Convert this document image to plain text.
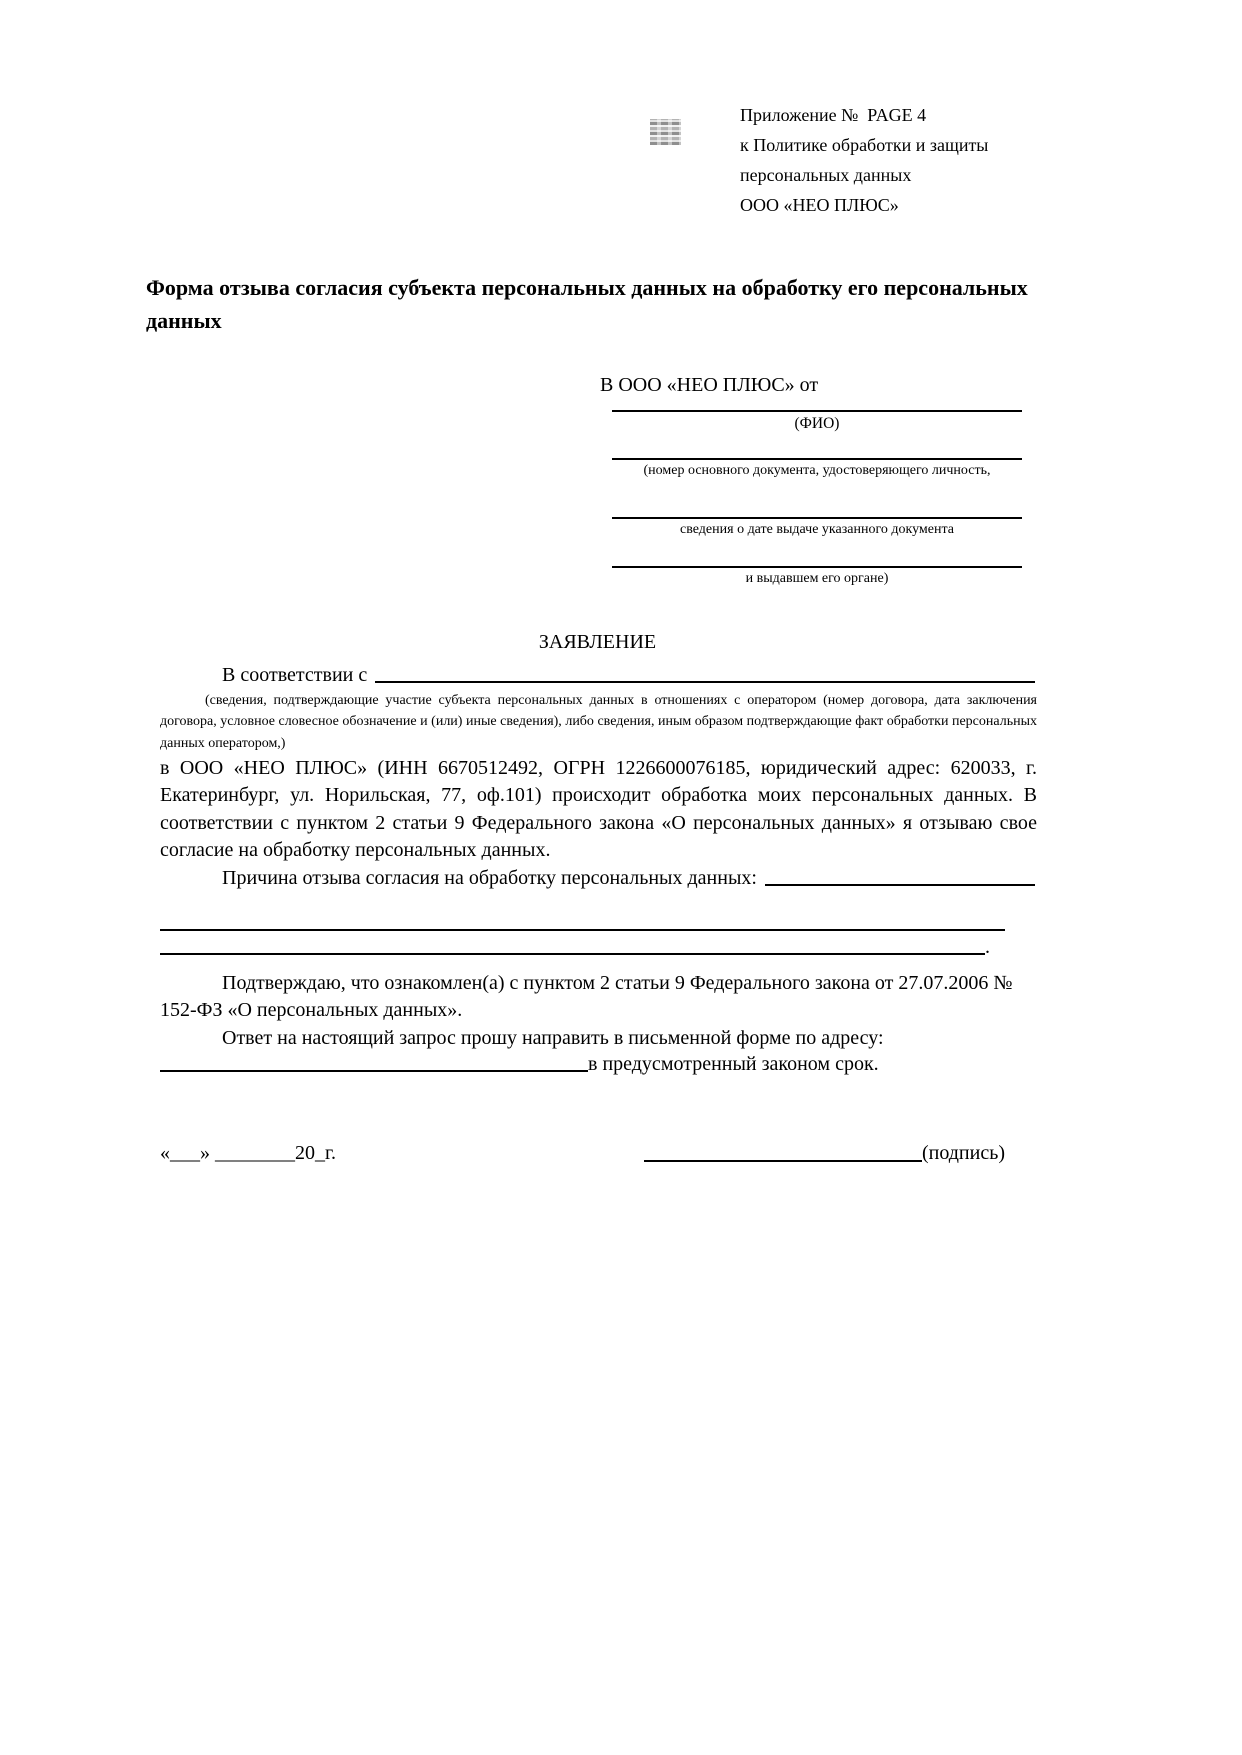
Приложение №  PAGE 4
к Политике обработки и защиты
персональных данных
ООО «НЕО ПЛЮС»
Форма отзыва согласия субъекта персональных данных на обработку его персональных данных
В ООО «НЕО ПЛЮС» от
(ФИО)
(номер основного документа, удостоверяющего личность,
сведения о дате выдаче указанного документа
и выдавшем его органе)
ЗАЯВЛЕНИЕ
В соответствии с
(сведения, подтверждающие участие субъекта персональных данных в отношениях с оператором (номер договора, дата заключения договора, условное словесное обозначение и (или) иные сведения), либо сведения, иным образом подтверждающие факт обработки персональных данных оператором,)
в ООО «НЕО ПЛЮС» (ИНН 6670512492, ОГРН 1226600076185, юридический адрес: 620033, г. Екатеринбург, ул. Норильская, 77, оф.101) происходит обработка моих персональных данных. В соответствии с пунктом 2 статьи 9 Федерального закона «О персональных данных» я отзываю свое согласие на обработку персональных данных.
Причина отзыва согласия на обработку персональных данных:
.
Подтверждаю, что ознакомлен(а) с пунктом 2 статьи 9 Федерального закона от 27.07.2006 № 152-ФЗ «О персональных данных».
Ответ на настоящий запрос прошу направить в письменной форме по адресу:
в предусмотренный законом срок.
«___» ________20_г.	(подпись)
